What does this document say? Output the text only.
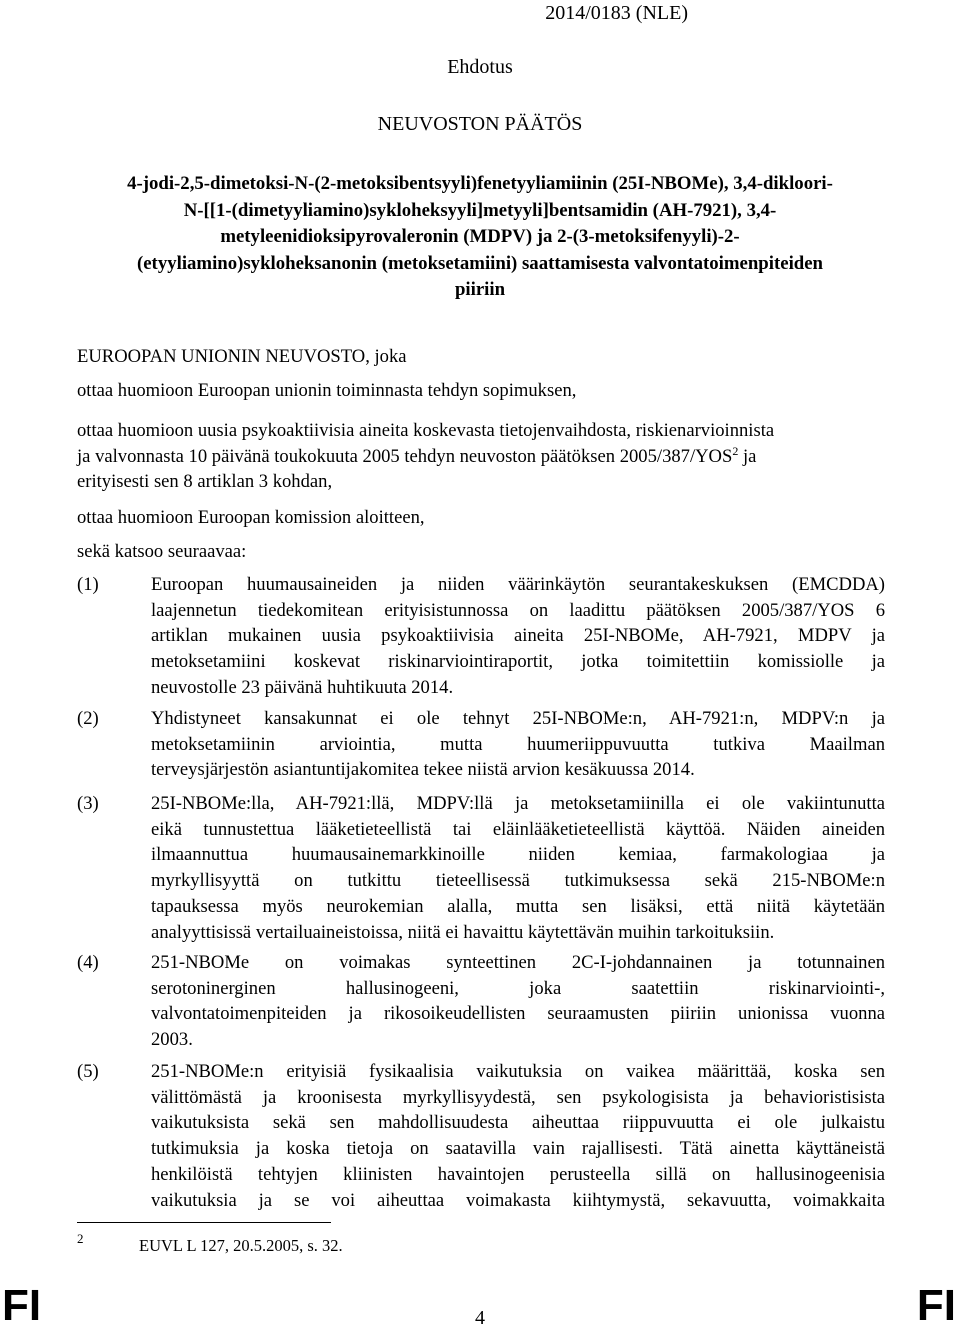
2014/0183 (NLE)
Ehdotus
NEUVOSTON PÄÄTÖS
4-jodi-2,5-dimetoksi-N-(2-metoksibentsyyli)fenetyyliamiinin (25I-NBOMe), 3,4-dikloori-
N-[[1-(dimetyyliamino)sykloheksyyli]metyyli]bentsamidin (AH-7921), 3,4-
metyleenidioksipyrovaleronin (MDPV) ja 2-(3-metoksifenyyli)-2-
(etyyliamino)sykloheksanonin (metoksetamiini) saattamisesta valvontatoimenpiteiden
piiriin
EUROOPAN UNIONIN NEUVOSTO, joka
ottaa huomioon Euroopan unionin toiminnasta tehdyn sopimuksen,
ottaa huomioon uusia psykoaktiivisia aineita koskevasta tietojenvaihdosta, riskienarvioinnista
ja valvonnasta 10 päivänä toukokuuta 2005 tehdyn neuvoston päätöksen 2005/387/YOS$^2$ ja
erityisesti sen 8 artiklan 3 kohdan,
ottaa huomioon Euroopan komission aloitteen,
sekä katsoo seuraavaa:
(1)	Euroopan huumausaineiden ja niiden väärinkäytön seurantakeskuksen (EMCDDA)
laajennetun tiedekomitean erityisistunnossa on laadittu päätöksen 2005/387/YOS 6
artiklan mukainen uusia psykoaktiivisia aineita 25I-NBOMe, AH-7921, MDPV ja
metoksetamiini koskevat riskinarviointiraportit, jotka toimitettiin komissiolle ja
neuvostolle 23 päivänä huhtikuuta 2014.
(2)	Yhdistyneet kansakunnat ei ole tehnyt 25I-NBOMe:n, AH-7921:n, MDPV:n ja
metoksetamiinin arviointia, mutta huumeriippuvuutta tutkiva Maailman
terveysjärjestön asiantuntijakomitea tekee niistä arvion kesäkuussa 2014.
(3)	25I-NBOMe:lla, AH-7921:llä, MDPV:llä ja metoksetamiinilla ei ole vakiintunutta
eikä tunnustettua lääketieteellistä tai eläinlääketieteellistä käyttöä. Näiden aineiden
ilmaannuttua huumausainemarkkinoille niiden kemiaa, farmakologiaa ja
myrkyllisyyttä on tutkittu tieteellisessä tutkimuksessa sekä 215-NBOMe:n
tapauksessa myös neurokemian alalla, mutta sen lisäksi, että niitä käytetään
analyyttisissä vertailuaineistoissa, niitä ei havaittu käytettävän muihin tarkoituksiin.
(4)	251-NBOMe on voimakas synteettinen 2C-I-johdannainen ja totunnainen
serotoninerginen hallusinogeeni, joka saatettiin riskinarviointi-,
valvontatoimenpiteiden ja rikosoikeudellisten seuraamusten piiriin unionissa vuonna
2003.
(5)	251-NBOMe:n erityisiä fysikaalisia vaikutuksia on vaikea määrittää, koska sen
välittömästä ja kroonisesta myrkyllisyydestä, sen psykologisista ja behavioristisista
vaikutuksista sekä sen mahdollisuudesta aiheuttaa riippuvuutta ei ole julkaistu
tutkimuksia ja koska tietoja on saatavilla vain rajallisesti. Tätä ainetta käyttäneistä
henkilöistä tehtyjen kliinisten havaintojen perusteella sillä on hallusinogeenisia
vaikutuksia ja se voi aiheuttaa voimakasta kiihtymystä, sekavuutta, voimakkaita
2	EUVL L 127, 20.5.2005, s. 32.
FI	4	FI
